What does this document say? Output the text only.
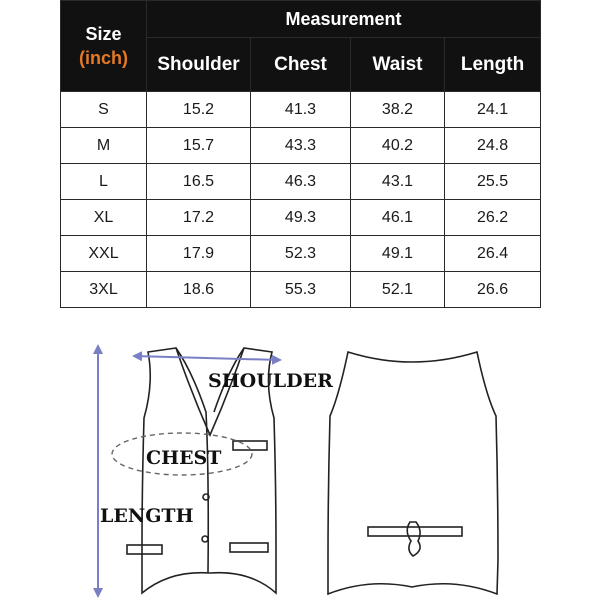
Size
(inch)	Measurement			
	Shoulder	Chest	Waist	Length
S	15.2	41.3	38.2	24.1
M	15.7	43.3	40.2	24.8
L	16.5	46.3	43.1	25.5
XL	17.2	49.3	46.1	26.2
XXL	17.9	52.3	49.1	26.4
3XL	18.6	55.3	52.1	26.6
SHOULDER
CHEST
LENGTH
